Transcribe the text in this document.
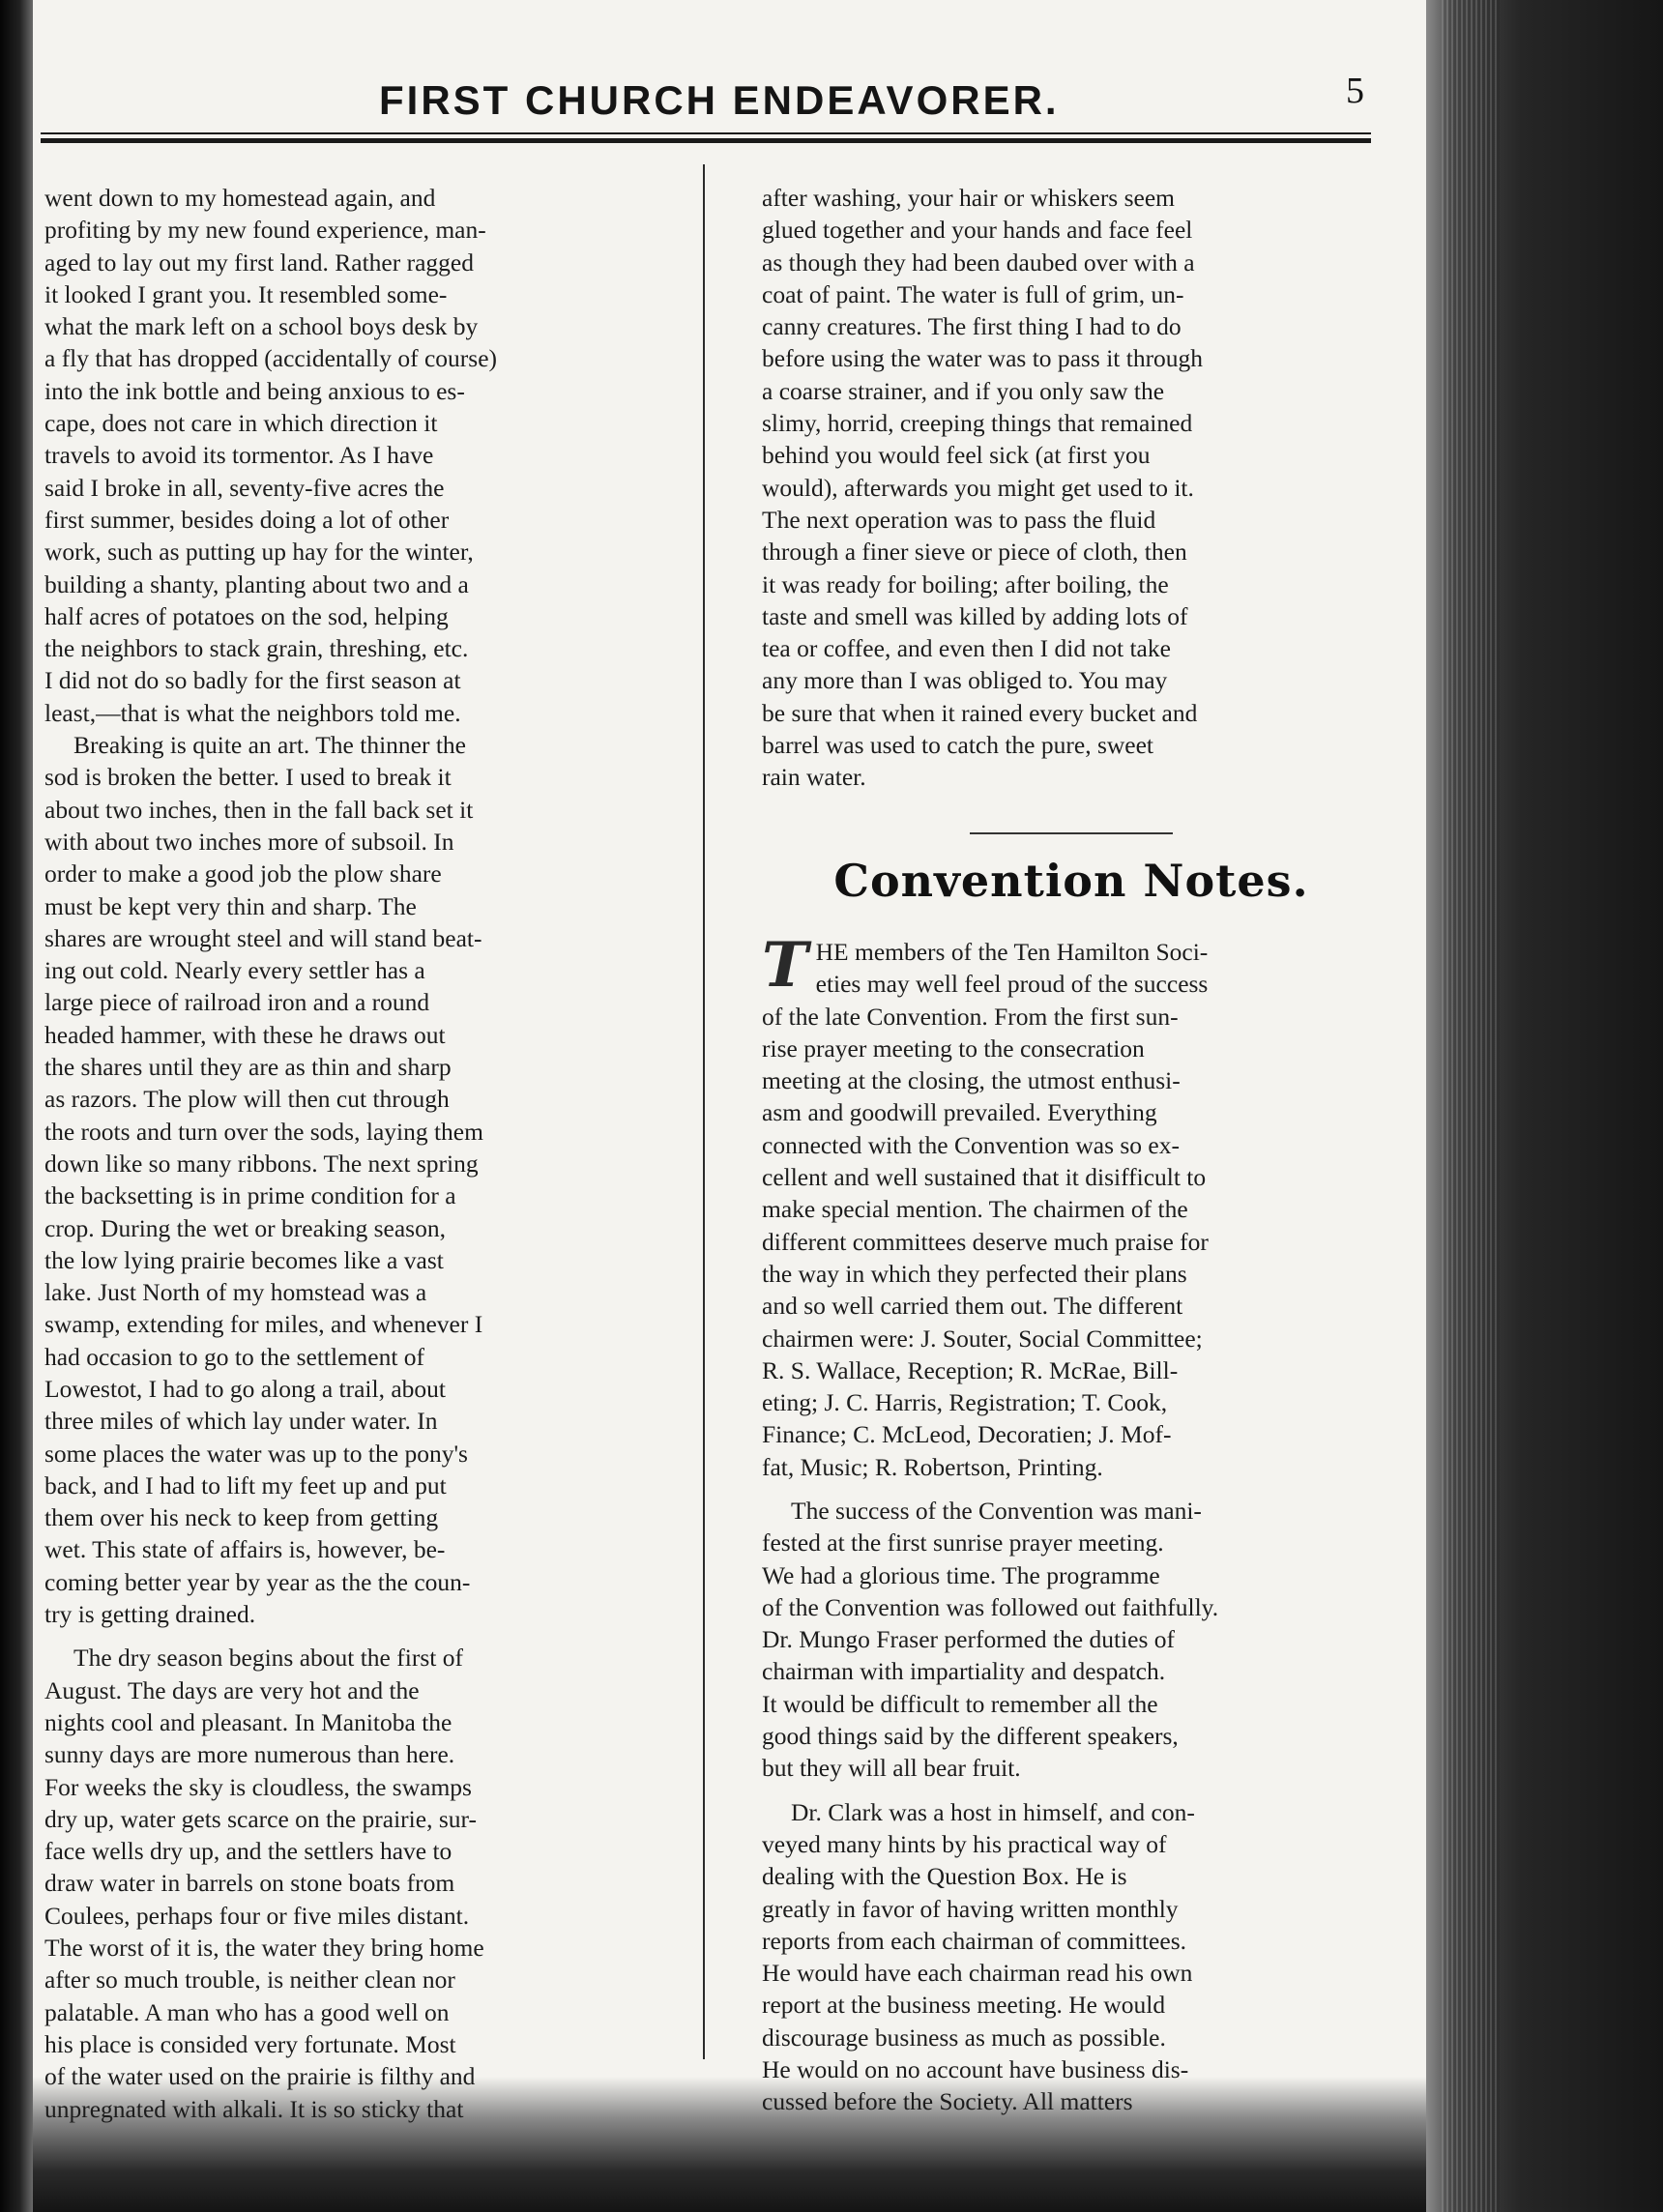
FIRST CHURCH ENDEAVORER.	5

went down to my homestead again, and
profiting by my new found experience, man-
aged to lay out my first land. Rather ragged
it looked I grant you. It resembled some-
what the mark left on a school boys desk by
a fly that has dropped (accidentally of course)
into the ink bottle and being anxious to es-
cape, does not care in which direction it
travels to avoid its tormentor. As I have
said I broke in all, seventy-five acres the
first summer, besides doing a lot of other
work, such as putting up hay for the winter,
building a shanty, planting about two and a
half acres of potatoes on the sod, helping
the neighbors to stack grain, threshing, etc.
I did not do so badly for the first season at
least,—that is what the neighbors told me.

Breaking is quite an art. The thinner the
sod is broken the better. I used to break it
about two inches, then in the fall back set it
with about two inches more of subsoil. In
order to make a good job the plow share
must be kept very thin and sharp. The
shares are wrought steel and will stand beat-
ing out cold. Nearly every settler has a
large piece of railroad iron and a round
headed hammer, with these he draws out
the shares until they are as thin and sharp
as razors. The plow will then cut through
the roots and turn over the sods, laying them
down like so many ribbons. The next spring
the backsetting is in prime condition for a
crop. During the wet or breaking season,
the low lying prairie becomes like a vast
lake. Just North of my homstead was a
swamp, extending for miles, and whenever I
had occasion to go to the settlement of
Lowestot, I had to go along a trail, about
three miles of which lay under water. In
some places the water was up to the pony's
back, and I had to lift my feet up and put
them over his neck to keep from getting
wet. This state of affairs is, however, be-
coming better year by year as the the coun-
try is getting drained.

The dry season begins about the first of
August. The days are very hot and the
nights cool and pleasant. In Manitoba the
sunny days are more numerous than here.
For weeks the sky is cloudless, the swamps
dry up, water gets scarce on the prairie, sur-
face wells dry up, and the settlers have to
draw water in barrels on stone boats from
Coulees, perhaps four or five miles distant.
The worst of it is, the water they bring home
after so much trouble, is neither clean nor
palatable. A man who has a good well on
his place is consided very fortunate. Most
of the water used on the prairie is filthy and
unpregnated with alkali. It is so sticky that

after washing, your hair or whiskers seem
glued together and your hands and face feel
as though they had been daubed over with a
coat of paint. The water is full of grim, un-
canny creatures. The first thing I had to do
before using the water was to pass it through
a coarse strainer, and if you only saw the
slimy, horrid, creeping things that remained
behind you would feel sick (at first you
would), afterwards you might get used to it.
The next operation was to pass the fluid
through a finer sieve or piece of cloth, then
it was ready for boiling; after boiling, the
taste and smell was killed by adding lots of
tea or coffee, and even then I did not take
any more than I was obliged to. You may
be sure that when it rained every bucket and
barrel was used to catch the pure, sweet
rain water.

Convention Notes.

T HE members of the Ten Hamilton Soci-
eties may well feel proud of the success
of the late Convention. From the first sun-
rise prayer meeting to the consecration
meeting at the closing, the utmost enthusi-
asm and goodwill prevailed. Everything
connected with the Convention was so ex-
cellent and well sustained that it disifficult to
make special mention. The chairmen of the
different committees deserve much praise for
the way in which they perfected their plans
and so well carried them out. The different
chairmen were: J. Souter, Social Committee;
R. S. Wallace, Reception; R. McRae, Bill-
eting; J. C. Harris, Registration; T. Cook,
Finance; C. McLeod, Decoratien; J. Mof-
fat, Music; R. Robertson, Printing.

The success of the Convention was mani-
fested at the first sunrise prayer meeting.
We had a glorious time. The programme
of the Convention was followed out faithfully.
Dr. Mungo Fraser performed the duties of
chairman with impartiality and despatch.
It would be difficult to remember all the
good things said by the different speakers,
but they will all bear fruit.

Dr. Clark was a host in himself, and con-
veyed many hints by his practical way of
dealing with the Question Box. He is
greatly in favor of having written monthly
reports from each chairman of committees.
He would have each chairman read his own
report at the business meeting. He would
discourage business as much as possible.
He would on no account have business dis-
cussed before the Society. All matters
